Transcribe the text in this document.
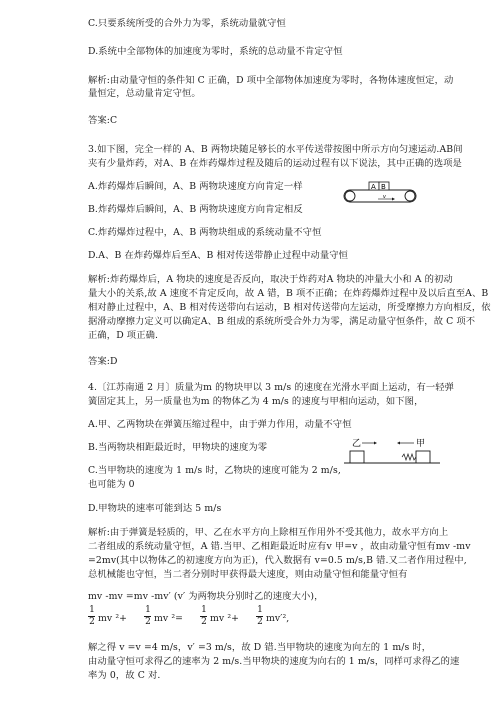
C.只要系统所受的合外力为零，系统动量就守恒
D.系统中全部物体的加速度为零时，系统的总动量不肯定守恒
解析:由动量守恒的条件知 C 正确，D 项中全部物体加速度为零时，各物体速度恒定，动
量恒定，总动量肯定守恒。
答案:C
3.如下图，完全一样的 A、B 两物块随足够长的水平传送带按图中所示方向匀速运动.AB间
夹有少量炸药，对A、B 在炸药爆炸过程及随后的运动过程有以下说法，其中正确的选项是
A.炸药爆炸后瞬间，A、B 两物块速度方向肯定一样
B.炸药爆炸后瞬间，A、B 两物块速度方向肯定相反
C.炸药爆炸过程中，A、B 两物块组成的系统动量不守恒
D.A、B 在炸药爆炸后至A、B 相对传送带静止过程中动量守恒
A B
v
解析:炸药爆炸后，A 物块的速度是否反向，取决于炸药对A 物块的冲量大小和 A 的初动
量大小的关系,故 A 速度不肯定反向，故 A 错，B 项不正确；在炸药爆炸过程中及以后直至A、B
相对静止过程中，A、B 相对传送带向右运动，B 相对传送带向左运动，所受摩擦力方向相反，依
据滑动摩擦力定义可以确定A、B 组成的系统所受合外力为零，满足动量守恒条件，故 C 项不
正确，D 项正确.
答案:D
4.〔江苏南通 2 月〕质量为m 的物块甲以 3 m/s 的速度在光滑水平面上运动，有一轻弹
簧固定其上，另一质量也为m 的物体乙为 4 m/s 的速度与甲相向运动，如下图，
A.甲、乙两物块在弹簧压缩过程中，由于弹力作用，动量不守恒
B.当两物块相距最近时，甲物块的速度为零
C.当甲物块的速度为 1 m/s 时，乙物块的速度可能为 2 m/s,
也可能为 0
D.甲物块的速率可能到达 5 m/s
乙	甲
解析:由于弹簧是轻质的，甲、乙在水平方向上除相互作用外不受其他力，故水平方向上
二者组成的系统动量守恒，A 错.当甲、乙相距最近时应有v 甲=v ，故由动量守恒有mv -mv
=2mv(其中以物体乙的初速度方向为正)，代入数据有 v=0.5 m/s,B 错.又二者作用过程中,
总机械能也守恒，当二者分别时甲获得最大速度，则由动量守恒和能量守恒有
mv -mv =mv -mv′ (v′ 为两物块分别时乙的速度大小)，
1
2 mv ²+
1
2 mv ²=
1
2 mv ²+
1
2 mv′²,
解之得 v =v =4 m/s，v′ =3 m/s，故 D 错.当甲物块的速度为向左的 1 m/s 时，
由动量守恒可求得乙的速率为 2 m/s.当甲物块的速度为向右的 1 m/s，同样可求得乙的速
率为 0，故 C 对.
